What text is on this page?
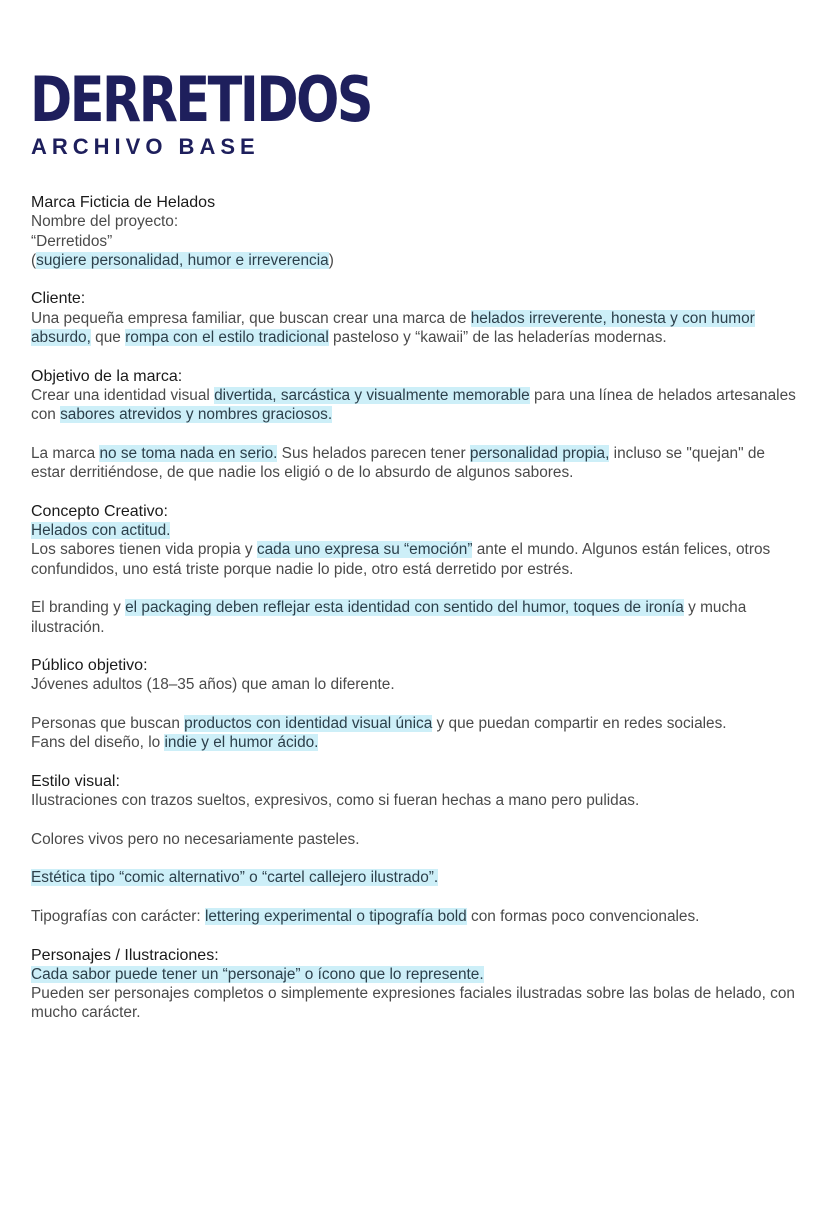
DERRETIDOS
ARCHIVO BASE
Marca Ficticia de Helados
Nombre del proyecto:
“Derretidos”
(sugiere personalidad, humor e irreverencia)
Cliente:
Una pequeña empresa familiar, que buscan crear una marca de helados irreverente, honesta y con humor absurdo, que rompa con el estilo tradicional pasteloso y “kawaii” de las heladerías modernas.
Objetivo de la marca:
Crear una identidad visual divertida, sarcástica y visualmente memorable para una línea de helados artesanales con sabores atrevidos y nombres graciosos.
La marca no se toma nada en serio. Sus helados parecen tener personalidad propia, incluso se "quejan" de estar derritiéndose, de que nadie los eligió o de lo absurdo de algunos sabores.
Concepto Creativo:
Helados con actitud.
Los sabores tienen vida propia y cada uno expresa su “emoción” ante el mundo. Algunos están felices, otros confundidos, uno está triste porque nadie lo pide, otro está derretido por estrés.
El branding y el packaging deben reflejar esta identidad con sentido del humor, toques de ironía y mucha ilustración.
Público objetivo:
Jóvenes adultos (18–35 años) que aman lo diferente.
Personas que buscan productos con identidad visual única y que puedan compartir en redes sociales.
Fans del diseño, lo indie y el humor ácido.
Estilo visual:
Ilustraciones con trazos sueltos, expresivos, como si fueran hechas a mano pero pulidas.
Colores vivos pero no necesariamente pasteles.
Estética tipo “comic alternativo” o “cartel callejero ilustrado”.
Tipografías con carácter: lettering experimental o tipografía bold con formas poco convencionales.
Personajes / Ilustraciones:
Cada sabor puede tener un “personaje” o ícono que lo represente.
Pueden ser personajes completos o simplemente expresiones faciales ilustradas sobre las bolas de helado, con mucho carácter.
